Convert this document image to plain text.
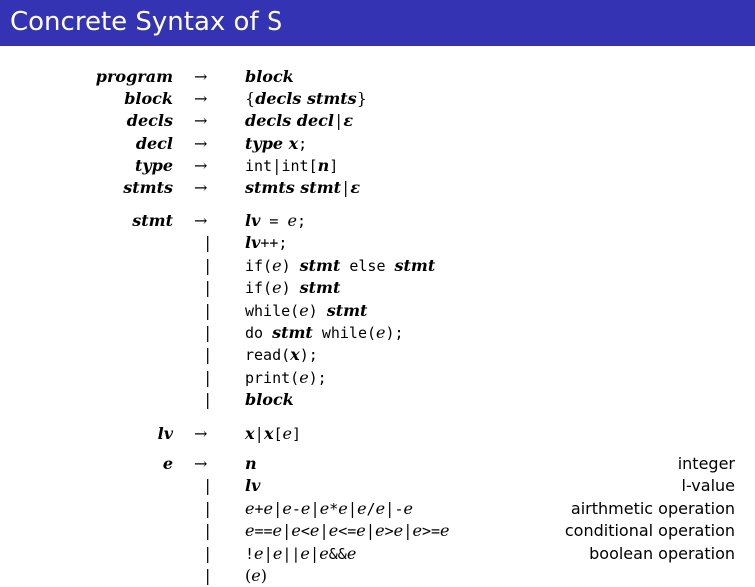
Concrete Syntax of S
program → block
block → {decls stmts}
decls → decls decl | ε
decl → type x;
type →	int | int[n]
stmts → stmts stmt | ε
stmt → lv = e;
| lv++;
| if(e) stmt else stmt
| if(e) stmt
| while(e) stmt
| do stmt while(e);
| read(x);
| print(e);
| block
lv → x | x[e]
e → n	integer
| lv	l-value
| e+e | e-e | e*e | e/e | -e	airthmetic operation
| e==e | e<e | e<=e | e>e | e>=e	conditional operation
| !e | e||e | e&&e	boolean operation
| (e)
